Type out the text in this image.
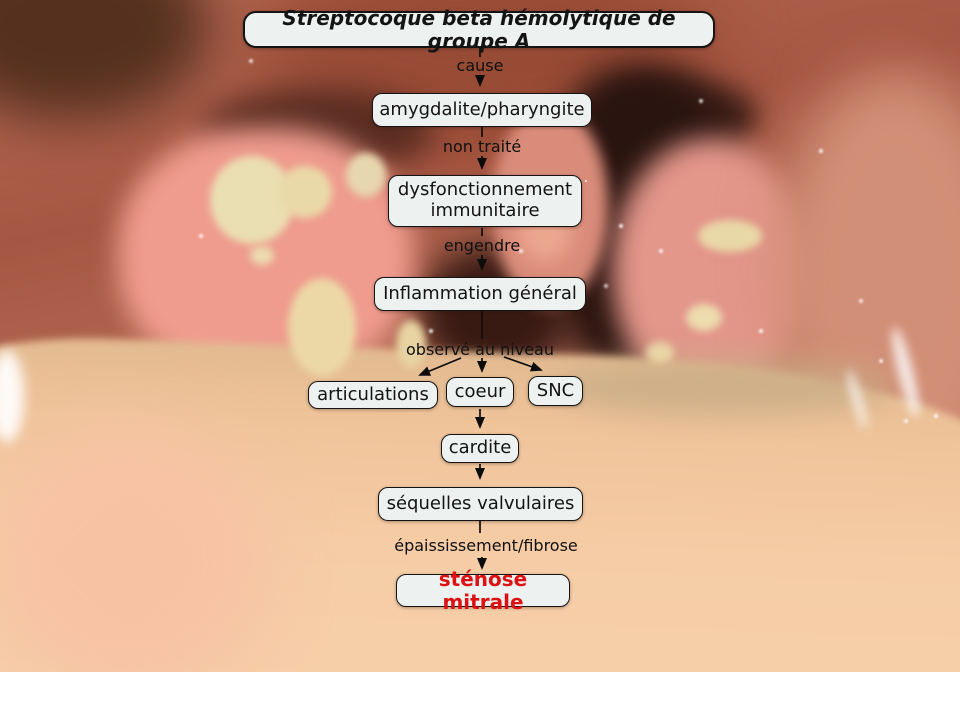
Streptocoque beta hémolytique de groupe A
cause
amygdalite/pharyngite
non traité
dysfonctionnement immunitaire
engendre
Inflammation général
observé au niveau
articulations coeur SNC
cardite
séquelles valvulaires
épaississement/fibrose
sténose mitrale
